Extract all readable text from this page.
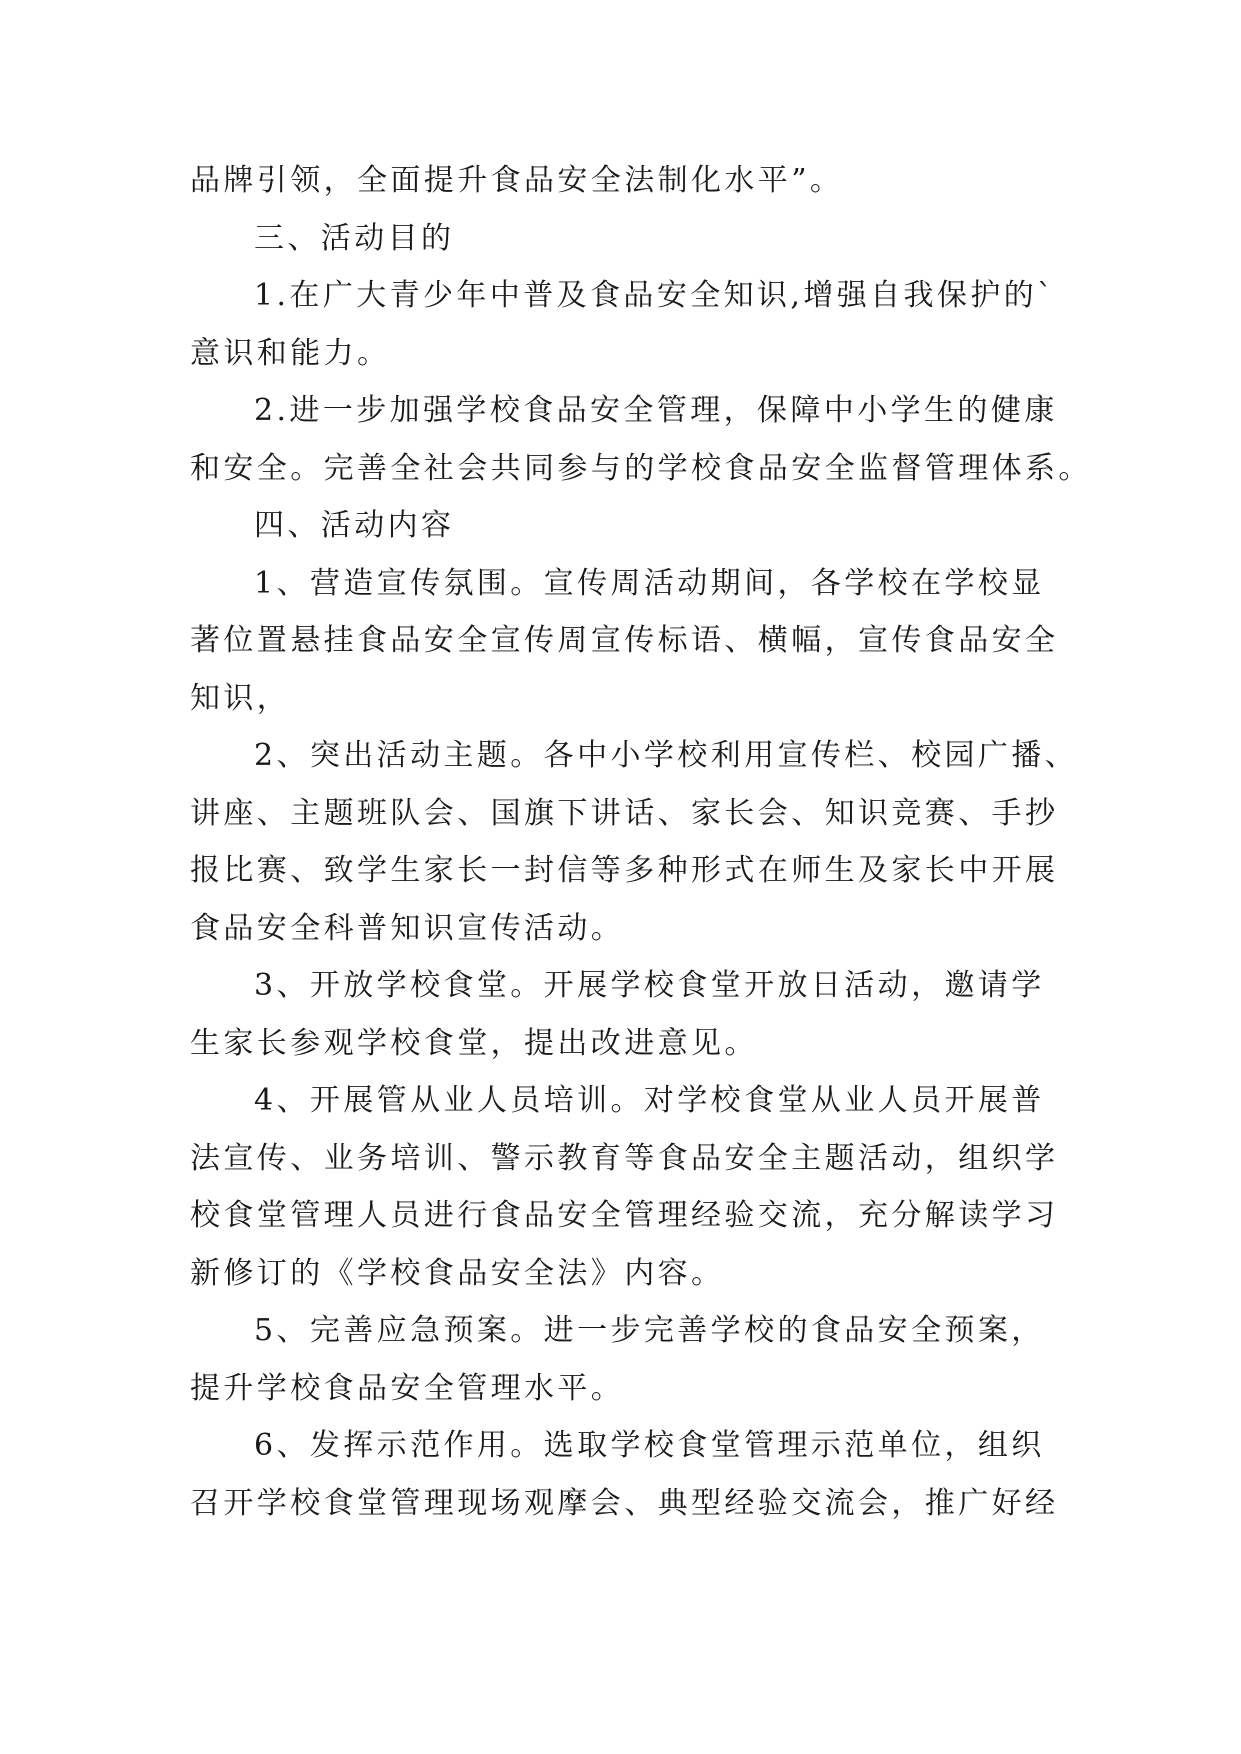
品牌引领，全面提升食品安全法制化水平”。

三、活动目的

1.在广大青少年中普及食品安全知识,增强自我保护的`
意识和能力。

2.进一步加强学校食品安全管理，保障中小学生的健康
和安全。完善全社会共同参与的学校食品安全监督管理体系。

四、活动内容

1、营造宣传氛围。宣传周活动期间，各学校在学校显
著位置悬挂食品安全宣传周宣传标语、横幅，宣传食品安全
知识，

2、突出活动主题。各中小学校利用宣传栏、校园广播、
讲座、主题班队会、国旗下讲话、家长会、知识竞赛、手抄
报比赛、致学生家长一封信等多种形式在师生及家长中开展
食品安全科普知识宣传活动。

3、开放学校食堂。开展学校食堂开放日活动，邀请学
生家长参观学校食堂，提出改进意见。

4、开展管从业人员培训。对学校食堂从业人员开展普
法宣传、业务培训、警示教育等食品安全主题活动，组织学
校食堂管理人员进行食品安全管理经验交流，充分解读学习
新修订的《学校食品安全法》内容。

5、完善应急预案。进一步完善学校的食品安全预案，
提升学校食品安全管理水平。

6、发挥示范作用。选取学校食堂管理示范单位，组织
召开学校食堂管理现场观摩会、典型经验交流会，推广好经
